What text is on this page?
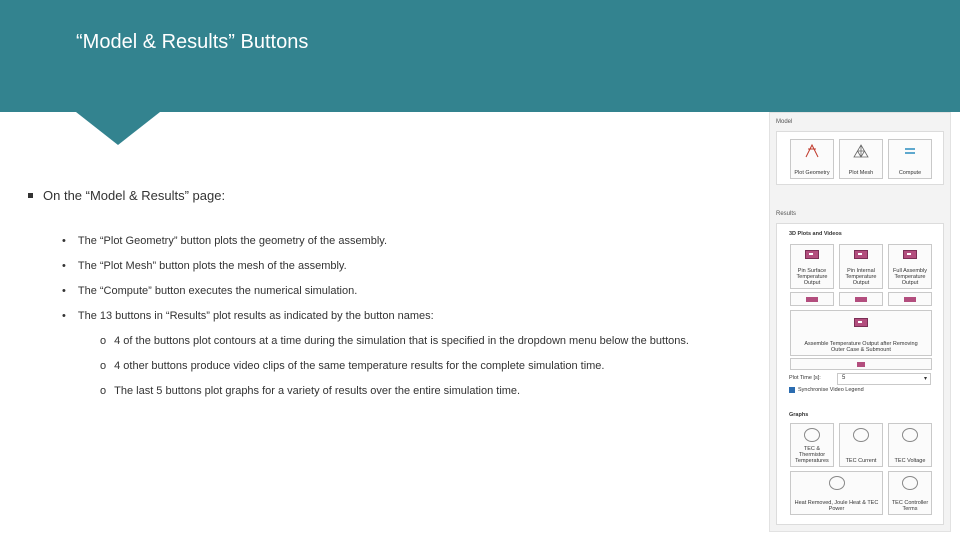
“Model & Results” Buttons
On the “Model & Results” page:
• The “Plot Geometry” button plots the geometry of the assembly.
• The “Plot Mesh” button plots the mesh of the assembly.
• The “Compute” button executes the numerical simulation.
• The 13 buttons in “Results” plot results as indicated by the button names:
o 4 of the buttons plot contours at a time during the simulation that is specified in the dropdown menu below the buttons.
o 4 other buttons produce video clips of the same temperature results for the complete simulation time.
o The last 5 buttons plot graphs for a variety of results over the entire simulation time.
Model
Plot Geometry	Plot Mesh	Compute
Results
3D Plots and Videos
Pin Surface Temperature Output
Pin Internal Temperature Output
Full Assembly Temperature Output
Assemble Temperature Output after Removing Outer Case & Submount
Plot Time [s]:	5	▾
Synchronise Video Legend
Graphs
TEC & Thermistor Temperatures	TEC Current	TEC Voltage
Heat Removed, Joule Heat & TEC Power
TEC Controller Terms
